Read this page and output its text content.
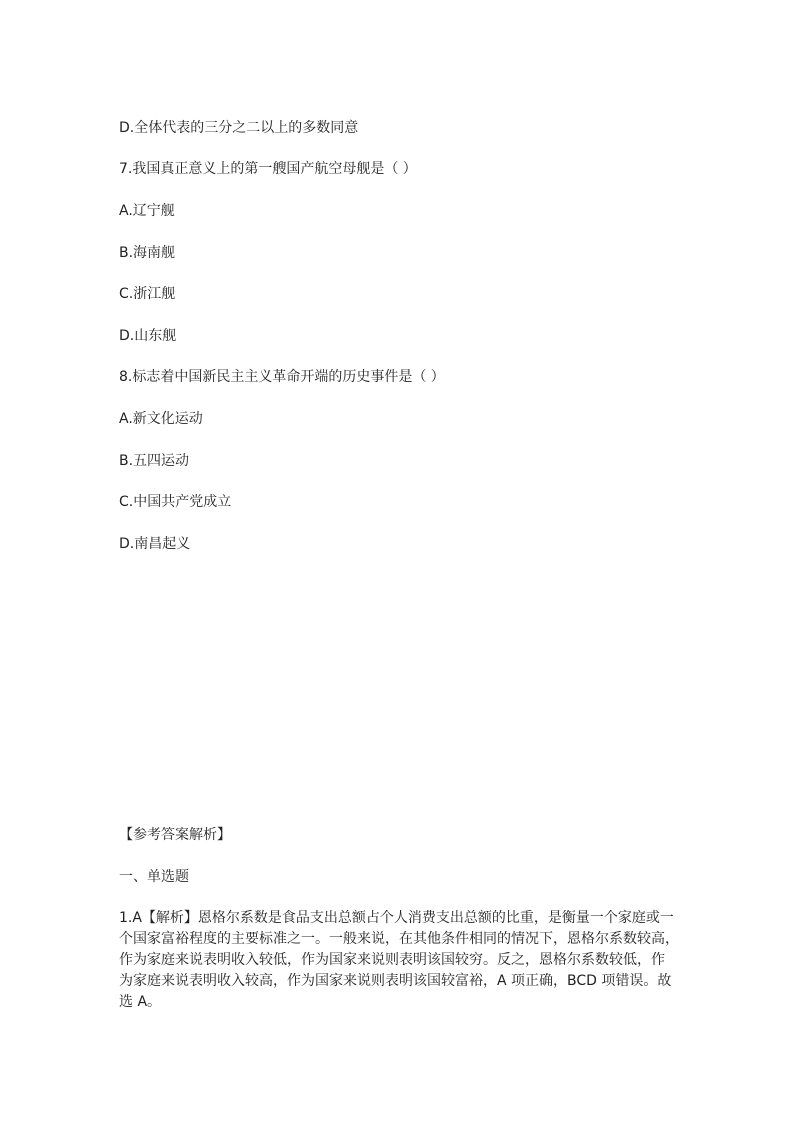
D.全体代表的三分之二以上的多数同意
7.我国真正意义上的第一艘国产航空母舰是（ ）
A.辽宁舰
B.海南舰
C.浙江舰
D.山东舰
8.标志着中国新民主主义革命开端的历史事件是（ ）
A.新文化运动
B.五四运动
C.中国共产党成立
D.南昌起义
【参考答案解析】
一、单选题

1.A【解析】恩格尔系数是食品支出总额占个人消费支出总额的比重，是衡量一个家庭或一

个国家富裕程度的主要标准之一。一般来说，在其他条件相同的情况下，恩格尔系数较高，

作为家庭来说表明收入较低，作为国家来说则表明该国较穷。反之，恩格尔系数较低，作

为家庭来说表明收入较高，作为国家来说则表明该国较富裕，A 项正确，BCD 项错误。故

选 A。
